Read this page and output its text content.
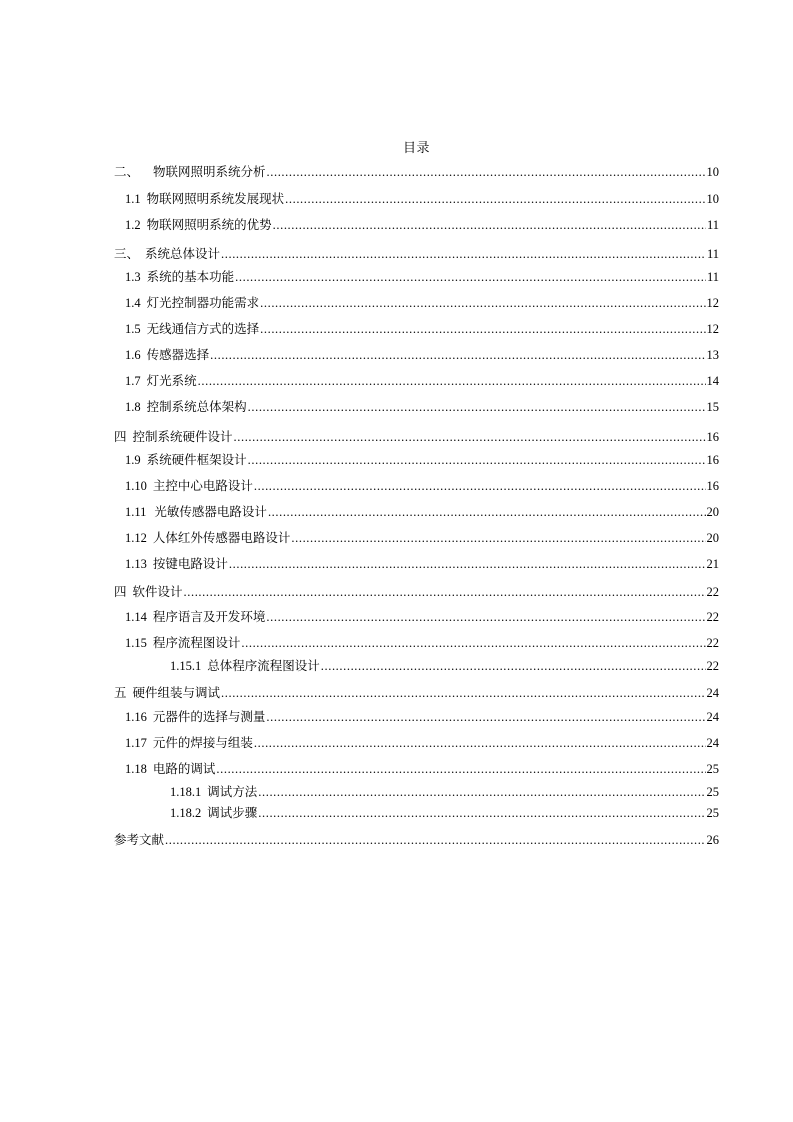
目录
二、 物联网照明系统分析 .....	10
1.1 物联网照明系统发展现状 .....	10
1.2 物联网照明系统的优势 .....	11
三、 系统总体设计 .....	11
1.3 系统的基本功能 .....	11
1.4 灯光控制器功能需求 .....	12
1.5 无线通信方式的选择 .....	12
1.6 传感器选择 .....	13
1.7 灯光系统 .....	14
1.8 控制系统总体架构 .....	15
四 控制系统硬件设计 .....	16
1.9 系统硬件框架设计 .....	16
1.10 主控中心电路设计 .....	16
1.11 光敏传感器电路设计 .....	20
1.12 人体红外传感器电路设计 .....	20
1.13 按键电路设计 .....	21
四 软件设计 .....	22
1.14 程序语言及开发环境 .....	22
1.15 程序流程图设计 .....	22
1.15.1 总体程序流程图设计 .....	22
五 硬件组装与调试 .....	24
1.16 元器件的选择与测量 .....	24
1.17 元件的焊接与组装 .....	24
1.18 电路的调试 .....	25
1.18.1 调试方法 .....	25
1.18.2 调试步骤 .....	25
参考文献 .....	26
